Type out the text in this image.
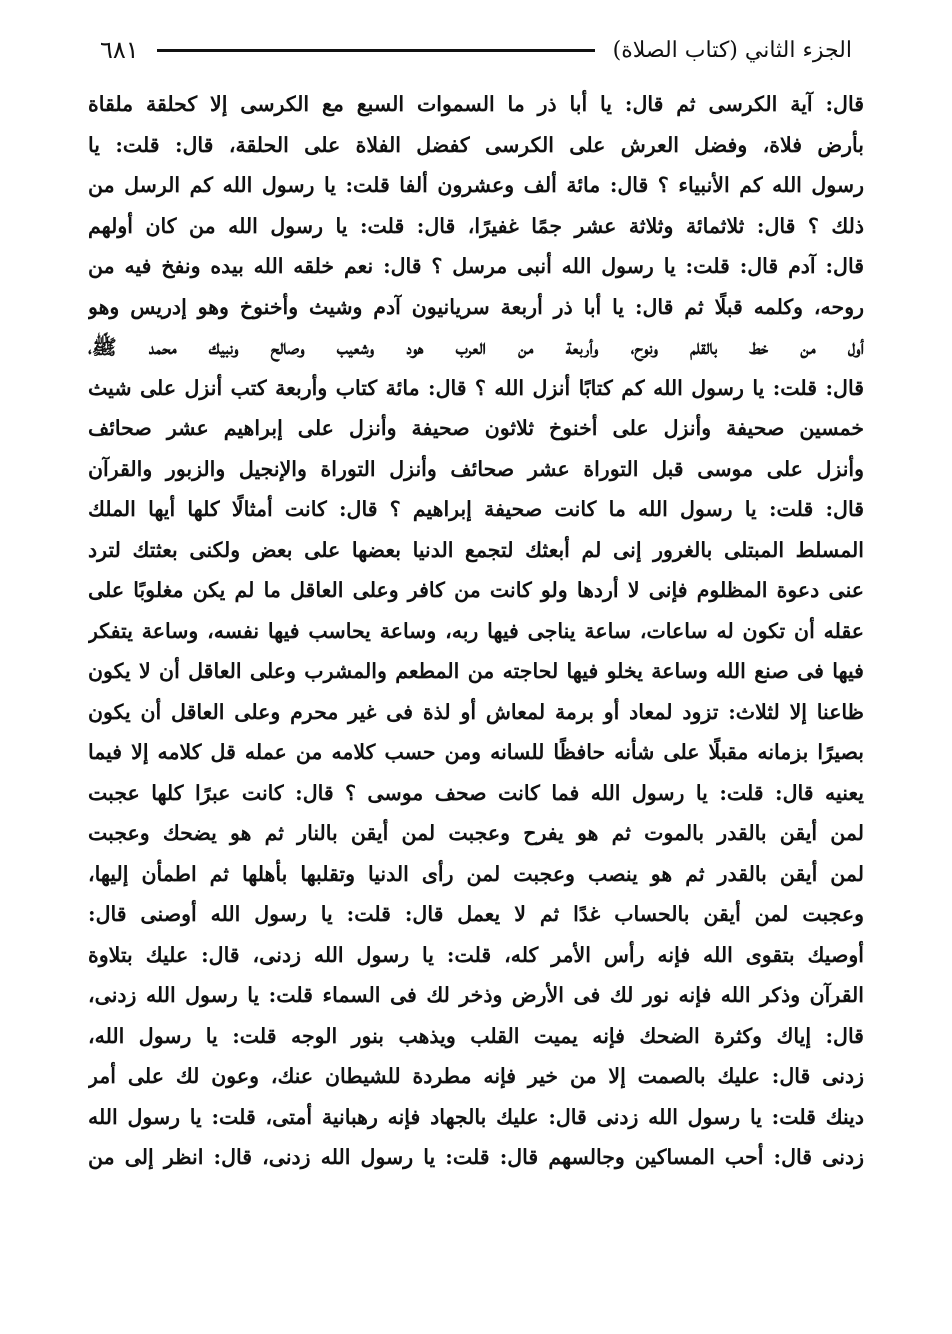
الجزء الثاني (كتاب الصلاة)
٦٨١
قال: آية الكرسى ثم قال: يا أبا ذر ما السموات السبع مع الكرسى إلا كحلقة ملقاة
بأرض فلاة، وفضل العرش على الكرسى كفضل الفلاة على الحلقة، قال: قلت: يا
رسول الله كم الأنبياء ؟ قال: مائة ألف وعشرون ألفا قلت: يا رسول الله كم الرسل من
ذلك ؟ قال: ثلاثمائة وثلاثة عشر جمًا غفيرًا، قال: قلت: يا رسول الله من كان أولهم
قال: آدم قال: قلت: يا رسول الله أنبى مرسل ؟ قال: نعم خلقه الله بيده ونفخ فيه من
روحه، وكلمه قبلًا ثم قال: يا أبا ذر أربعة سريانيون آدم وشيث وأخنوخ وهو إدريس وهو
أول من خط بالقلم ونوح، وأربعة من العرب هود وشعيب وصالح ونبيك محمد ﷺ،
قال: قلت: يا رسول الله كم كتابًا أنزل الله ؟ قال: مائة كتاب وأربعة كتب أنزل على شيث
خمسين صحيفة وأنزل على أخنوخ ثلاثون صحيفة وأنزل على إبراهيم عشر صحائف
وأنزل على موسى قبل التوراة عشر صحائف وأنزل التوراة والإنجيل والزبور والقرآن
قال: قلت: يا رسول الله ما كانت صحيفة إبراهيم ؟ قال: كانت أمثالًا كلها أيها الملك
المسلط المبتلى بالغرور إنى لم أبعثك لتجمع الدنيا بعضها على بعض ولكنى بعثتك لترد
عنى دعوة المظلوم فإنى لا أردها ولو كانت من كافر وعلى العاقل ما لم يكن مغلوبًا على
عقله أن تكون له ساعات، ساعة يناجى فيها ربه، وساعة يحاسب فيها نفسه، وساعة يتفكر
فيها فى صنع الله وساعة يخلو فيها لحاجته من المطعم والمشرب وعلى العاقل أن لا يكون
ظاعنا إلا لثلاث: تزود لمعاد أو برمة لمعاش أو لذة فى غير محرم وعلى العاقل أن يكون
بصيرًا بزمانه مقبلًا على شأنه حافظًا للسانه ومن حسب كلامه من عمله قل كلامه إلا فيما
يعنيه قال: قلت: يا رسول الله فما كانت صحف موسى ؟ قال: كانت عبرًا كلها عجبت
لمن أيقن بالقدر بالموت ثم هو يفرح وعجبت لمن أيقن بالنار ثم هو يضحك وعجبت
لمن أيقن بالقدر ثم هو ينصب وعجبت لمن رأى الدنيا وتقلبها بأهلها ثم اطمأن إليها،
وعجبت لمن أيقن بالحساب غدًا ثم لا يعمل قال: قلت: يا رسول الله أوصنى قال:
أوصيك بتقوى الله فإنه رأس الأمر كله، قلت: يا رسول الله زدنى، قال: عليك بتلاوة
القرآن وذكر الله فإنه نور لك فى الأرض وذخر لك فى السماء قلت: يا رسول الله زدنى،
قال: إياك وكثرة الضحك فإنه يميت القلب ويذهب بنور الوجه قلت: يا رسول الله،
زدنى قال: عليك بالصمت إلا من خير فإنه مطردة للشيطان عنك، وعون لك على أمر
دينك قلت: يا رسول الله زدنى قال: عليك بالجهاد فإنه رهبانية أمتى، قلت: يا رسول الله
زدنى قال: أحب المساكين وجالسهم قال: قلت: يا رسول الله زدنى، قال: انظر إلى من
